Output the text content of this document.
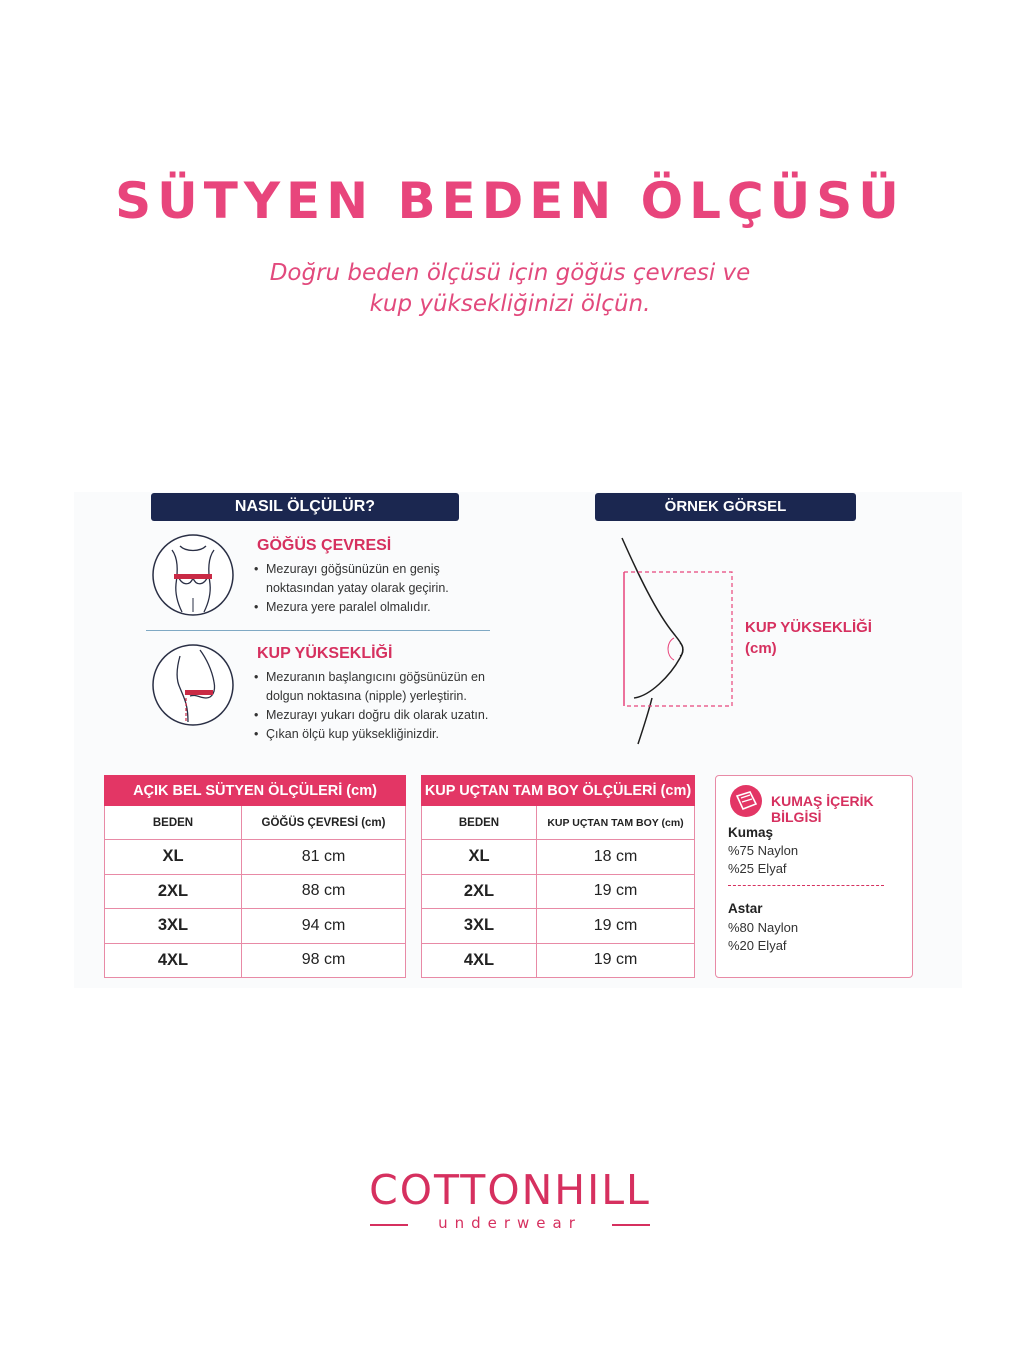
SÜTYEN BEDEN ÖLÇÜSÜ
Doğru beden ölçüsü için göğüs çevresi ve
kup yüksekliğinizi ölçün.
NASIL ÖLÇÜLÜR?	ÖRNEK GÖRSEL
GÖĞÜS ÇEVRESİ
• Mezurayı göğsünüzün en geniş noktasından yatay olarak geçirin.
• Mezura yere paralel olmalıdır.
KUP YÜKSEKLİĞİ
• Mezuranın başlangıcını göğsünüzün en dolgun noktasına (nipple) yerleştirin.
• Mezurayı yukarı doğru dik olarak uzatın.
• Çıkan ölçü kup yüksekliğinizdir.
KUP YÜKSEKLİĞİ
(cm)
AÇIK BEL SÜTYEN ÖLÇÜLERİ (cm)	
BEDEN	GÖĞÜS ÇEVRESİ (cm)
XL	81 cm
2XL	88 cm
3XL	94 cm
4XL	98 cm
KUP UÇTAN TAM BOY ÖLÇÜLERİ (cm)	
BEDEN	KUP UÇTAN TAM BOY (cm)
XL	18 cm
2XL	19 cm
3XL	19 cm
4XL	19 cm
KUMAŞ İÇERİK BİLGİSİ
Kumaş
%75 Naylon
%25 Elyaf
Astar
%80 Naylon
%20 Elyaf
COTTONHILL
underwear
